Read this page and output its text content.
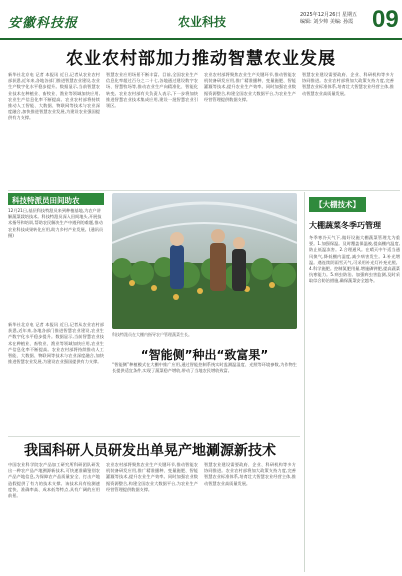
安徽科技报	农业科技	2025年12月26日 星期五
编辑: 刘少帅 美编: 孙霞 09
农业农村部加力推动智慧农业发展
新华社北京电 记者 本报讯 近日,记者从农业农村部获悉,近年来,各地各部门推进智慧农业建设,农业生产数字化水平稳步提升。数据显示,当前智慧农业技术在种植业、畜牧业、渔业等领域加快应用,农业生产信息化率不断提高。农业农村部将持续推动人工智能、大数据、物联网等技术与农业深度融合,加快推进智慧农业发展,为建设农业强国提供有力支撑。
智慧农业应用场景不断丰富。目前,全国农业生产信息化率超过百分之二十七,各地通过建设数字农场、智慧牧场等,推动农业生产向精准化、智能化转变。农业农村部有关负责人表示,下一步将加快推进智慧农业技术集成应用,建设一批智慧农业引领区。
农业农村部将聚焦农业生产关键环节,推动智能农机装备研发应用,推广精准播种、变量施肥、智能灌溉等技术,提升农业生产效率。同时加强农业数据资源整合,构建全国农业大数据平台,为农业生产经营管理提供数据支撑。
智慧农业建设需要政府、企业、科研机构等多方协同推进。农业农村部将加大政策支持力度,完善智慧农业标准体系,培育壮大智慧农业经营主体,推动智慧农业高质量发展。
科技特派员田间助农
12月21日,基层科技特派员来到种植基地,为农户讲解蔬菜栽培技术。科技特派员深入田间地头,开展技术指导和培训,帮助农民解决生产中遇到的难题,推动农业科技成果转化应用,助力乡村产业发展。(通讯员 摄)
科技特派员在大棚内指导农户管理蔬菜生长。
“智能侧”种出“致富果”
“智能侧”种植模式在大棚中推广应用,通过智能控制系统实时监测温湿度、光照等环境参数,为作物生长提供适宜条件,实现了蔬菜稳产增收,带动了当地农民增收致富。
新华社北京电 记者 本报讯 近日,记者从农业农村部获悉,近年来,各地各部门推进智慧农业建设,农业生产数字化水平稳步提升。数据显示,当前智慧农业技术在种植业、畜牧业、渔业等领域加快应用,农业生产信息化率不断提高。农业农村部将持续推动人工智能、大数据、物联网等技术与农业深度融合,加快推进智慧农业发展,为建设农业强国提供有力支撑。
我国科研人员研发出单晃产地涮源新技术
中国农业科学院农产品加工研究所科研团队研发出一种农产品产地溯源新技术,可快速准确鉴别农产品产地信息,为保障农产品质量安全、打击产地造假提供了有力的技术支撑。该技术具有检测速度快、准确率高、成本低等特点,具有广阔的应用前景。
农业农村部将聚焦农业生产关键环节,推动智能农机装备研发应用,推广精准播种、变量施肥、智能灌溉等技术,提升农业生产效率。同时加强农业数据资源整合,构建全国农业大数据平台,为农业生产经营管理提供数据支撑。
智慧农业建设需要政府、企业、科研机构等多方协同推进。农业农村部将加大政策支持力度,完善智慧农业标准体系,培育壮大智慧农业经营主体,推动智慧农业高质量发展。
【大棚技术】
大棚蔬菜冬季巧管理
冬季寒冷天气下,做好设施大棚蔬菜管理尤为重要。1.加强保温。及时覆盖保温被,提高棚内温度,防止低温冻害。2.合理通风。在晴天中午适当通风换气,降低棚内湿度,减少病害发生。3.补光增温。遇连续阴雨雪天气,可采用补光灯补充光照。4.科学施肥。控制氮肥用量,增施磷钾肥,提高蔬菜抗寒能力。5.病虫防治。加强病虫害监测,及时采取综合防治措施,确保蔬菜安全越冬。
